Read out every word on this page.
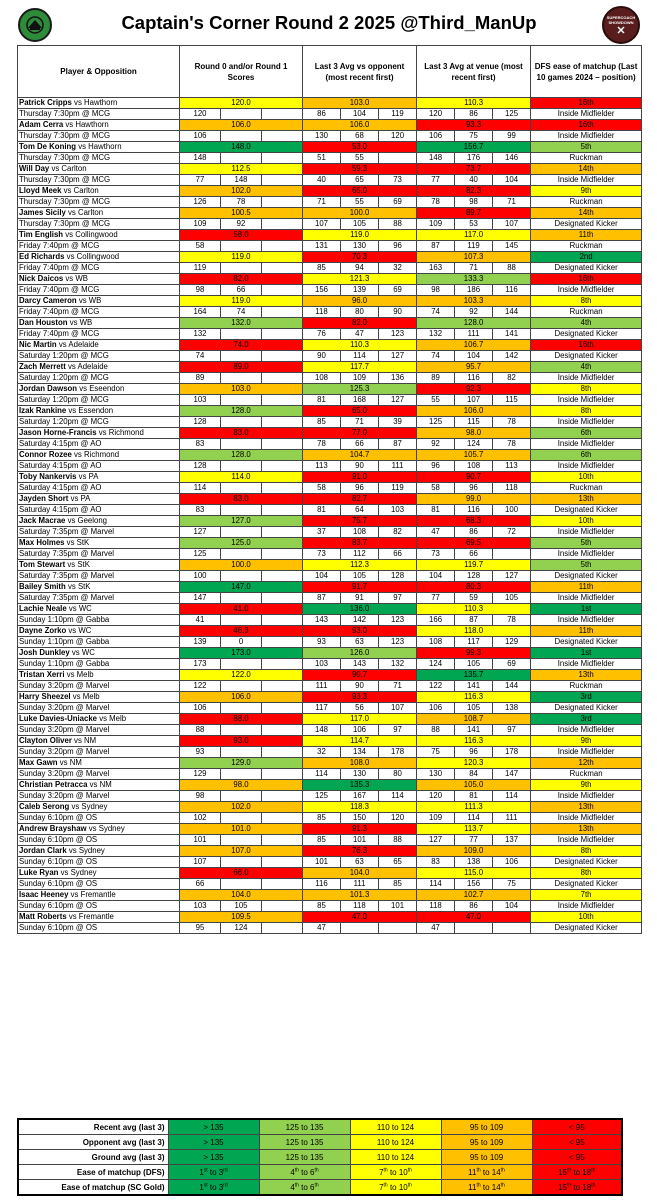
Captain's Corner Round 2 2025 @Third_ManUp	SUPERCOACH SHOWDOWN
Player & Opposition	Round 0 and/or Round 1 Scores			Last 3 Avg vs opponent (most recent first)			Last 3 Avg at venue (most recent first)			DFS ease of matchup (Last 10 games 2024 – position)
Patrick Cripps vs Hawthorn	120.0			103.0			110.3			16th
Thursday 7:30pm @ MCG	120			86	104	119	120	86	125	Inside Midfielder
Adam Cerra vs Hawthorn	106.0			106.0			93.3			16th
Thursday 7:30pm @ MCG	106			130	68	120	106	75	99	Inside Midfielder
Tom De Koning vs Hawthorn	148.0			53.0			156.7			5th
Thursday 7:30pm @ MCG	148			51	55		148	176	146	Ruckman
Will Day vs Carlton	112.5			59.3			73.7			14th
Thursday 7:30pm @ MCG	77	148		40	65	73	77	40	104	Inside Midfielder
Lloyd Meek vs Carlton	102.0			65.0			82.3			9th
Thursday 7:30pm @ MCG	126	78		71	55	69	78	98	71	Ruckman
James Sicily vs Carlton	100.5			100.0			89.7			14th
Thursday 7:30pm @ MCG	109	92		107	105	88	109	53	107	Designated Kicker
Tim English vs Collingwood	58.0			119.0			117.0			11th
Friday 7:40pm @ MCG	58			131	130	96	87	119	145	Ruckman
Ed Richards vs Collingwood	119.0			70.3			107.3			2nd
Friday 7:40pm @ MCG	119			85	94	32	163	71	88	Designated Kicker
Nick Daicos vs WB	82.0			121.3			133.3			16th
Friday 7:40pm @ MCG	98	66		156	139	69	98	186	116	Inside Midfielder
Darcy Cameron vs WB	119.0			96.0			103.3			8th
Friday 7:40pm @ MCG	164	74		118	80	90	74	92	144	Ruckman
Dan Houston vs WB	132.0			82.0			128.0			4th
Friday 7:40pm @ MCG	132			76	47	123	132	111	141	Designated Kicker
Nic Martin vs Adelaide	74.0			110.3			106.7			16th
Saturday 1:20pm @ MCG	74			90	114	127	74	104	142	Designated Kicker
Zach Merrett vs Adelaide	89.0			117.7			95.7			4th
Saturday 1:20pm @ MCG	89			108	109	136	89	116	82	Inside Midfielder
Jordan Dawson vs Eseendon	103.0			125.3			92.3			8th
Saturday 1:20pm @ MCG	103			81	168	127	55	107	115	Inside Midfielder
Izak Rankine vs Essendon	128.0			65.0			106.0			8th
Saturday 1:20pm @ MCG	128			85	71	39	125	115	78	Inside Midfielder
Jason Horne-Francis vs Richmond	83.0			77.0			98.0			6th
Saturday 4:15pm @ AO	83			78	66	87	92	124	78	Inside Midfielder
Connor Rozee vs Richmond	128.0			104.7			105.7			6th
Saturday 4:15pm @ AO	128			113	90	111	96	108	113	Inside Midfielder
Toby Nankervis vs PA	114.0			91.0			90.7			10th
Saturday 4:15pm @ AO	114			58	96	119	58	96	118	Ruckman
Jayden Short vs PA	83.0			82.7			99.0			13th
Saturday 4:15pm @ AO	83			81	64	103	81	116	100	Designated Kicker
Jack Macrae vs Geelong	127.0			75.7			68.3			10th
Saturday 7:35pm @ Marvel	127			37	108	82	47	86	72	Inside Midfielder
Max Holmes vs StK	125.0			83.7			69.5			5th
Saturday 7:35pm @ Marvel	125			73	112	66	73	66		Inside Midfielder
Tom Stewart vs StK	100.0			112.3			119.7			5th
Saturday 7:35pm @ Marvel	100			104	105	128	104	128	127	Designated Kicker
Bailey Smith vs StK	147.0			91.7			80.3			11th
Saturday 7:35pm @ Marvel	147			87	91	97	77	59	105	Inside Midfielder
Lachie Neale vs WC	41.0			136.0			110.3			1st
Sunday 1:10pm @ Gabba	41			143	142	123	166	87	78	Inside Midfielder
Dayne Zorko vs WC	46.3			93.0			118.0			11th
Sunday 1:10pm @ Gabba	139	0		93	63	123	108	117	129	Designated Kicker
Josh Dunkley vs WC	173.0			126.0			99.3			1st
Sunday 1:10pm @ Gabba	173			103	143	132	124	105	69	Inside Midfielder
Tristan Xerri vs Melb	122.0			90.7			135.7			13th
Sunday 3:20pm @ Marvel	122			111	90	71	122	141	144	Ruckman
Harry Sheezel vs Melb	106.0			93.3			116.3			3rd
Sunday 3:20pm @ Marvel	106			117	56	107	106	105	138	Designated Kicker
Luke Davies-Uniacke vs Melb	88.0			117.0			108.7			3rd
Sunday 3:20pm @ Marvel	88			148	106	97	88	141	97	Inside Midfielder
Clayton Oliver vs NM	93.0			114.7			116.3			9th
Sunday 3:20pm @ Marvel	93			32	134	178	75	96	178	Inside Midfielder
Max Gawn vs NM	129.0			108.0			120.3			12th
Sunday 3:20pm @ Marvel	129			114	130	80	130	84	147	Ruckman
Christian Petracca vs NM	98.0			135.3			105.0			9th
Sunday 3:20pm @ Marvel	98			125	167	114	120	81	114	Inside Midfielder
Caleb Serong vs Sydney	102.0			118.3			111.3			13th
Sunday 6:10pm @ OS	102			85	150	120	109	114	111	Inside Midfielder
Andrew Brayshaw vs Sydney	101.0			91.3			113.7			13th
Sunday 6:10pm @ OS	101			85	101	88	127	77	137	Inside Midfielder
Jordan Clark vs Sydney	107.0			76.3			109.0			8th
Sunday 6:10pm @ OS	107			101	63	65	83	138	106	Designated Kicker
Luke Ryan vs Sydney	66.0			104.0			115.0			8th
Sunday 6:10pm @ OS	66			116	111	85	114	156	75	Designated Kicker
Isaac Heeney vs Fremantle	104.0			101.3			102.7			7th
Sunday 6:10pm @ OS	103	105		85	118	101	118	86	104	Inside Midfielder
Matt Roberts vs Fremantle	109.5			47.0			47.0			10th
Sunday 6:10pm @ OS	95	124		47			47			Designated Kicker
Recent avg (last 3)	> 135	125 to 135	110 to 124	95 to 109	< 95
Opponent avg (last 3)	> 135	125 to 135	110 to 124	95 to 109	< 95
Ground avg (last 3)	> 135	125 to 135	110 to 124	95 to 109	< 95
Ease of matchup (DFS)	1st to 3rd	4th to 6th	7th to 10th	11th to 14th	15th to 18th
Ease of matchup (SC Gold)	1st to 3rd	4th to 6th	7th to 10th	11th to 14th	15th to 18th
